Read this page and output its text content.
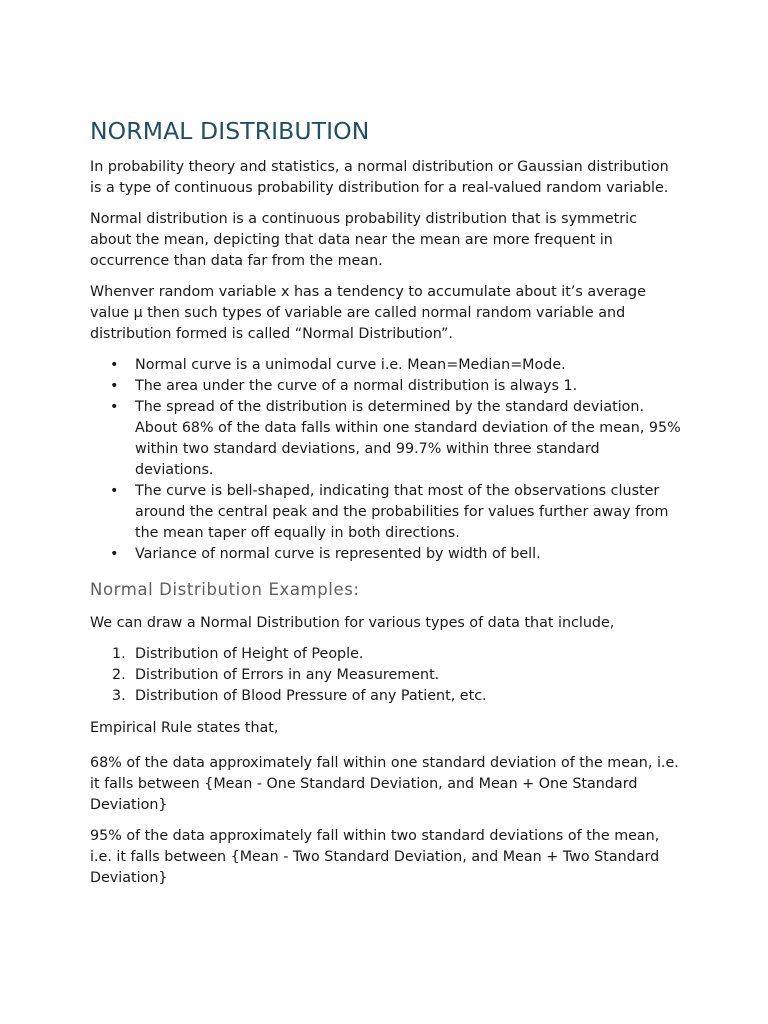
NORMAL DISTRIBUTION

In probability theory and statistics, a normal distribution or Gaussian distribution is a type of continuous probability distribution for a real-valued random variable.

Normal distribution is a continuous probability distribution that is symmetric about the mean, depicting that data near the mean are more frequent in occurrence than data far from the mean.

Whenver random variable x has a tendency to accumulate about it’s average value μ then such types of variable are called normal random variable and distribution formed is called “Normal Distribution”.

• Normal curve is a unimodal curve i.e. Mean=Median=Mode.
• The area under the curve of a normal distribution is always 1.
• The spread of the distribution is determined by the standard deviation. About 68% of the data falls within one standard deviation of the mean, 95% within two standard deviations, and 99.7% within three standard deviations.
• The curve is bell-shaped, indicating that most of the observations cluster around the central peak and the probabilities for values further away from the mean taper off equally in both directions.
• Variance of normal curve is represented by width of bell.
Normal Distribution Examples:

We can draw a Normal Distribution for various types of data that include,

1. Distribution of Height of People.
2. Distribution of Errors in any Measurement.
3. Distribution of Blood Pressure of any Patient, etc.

Empirical Rule states that,

68% of the data approximately fall within one standard deviation of the mean, i.e. it falls between {Mean - One Standard Deviation, and Mean + One Standard Deviation}

95% of the data approximately fall within two standard deviations of the mean, i.e. it falls between {Mean - Two Standard Deviation, and Mean + Two Standard Deviation}
